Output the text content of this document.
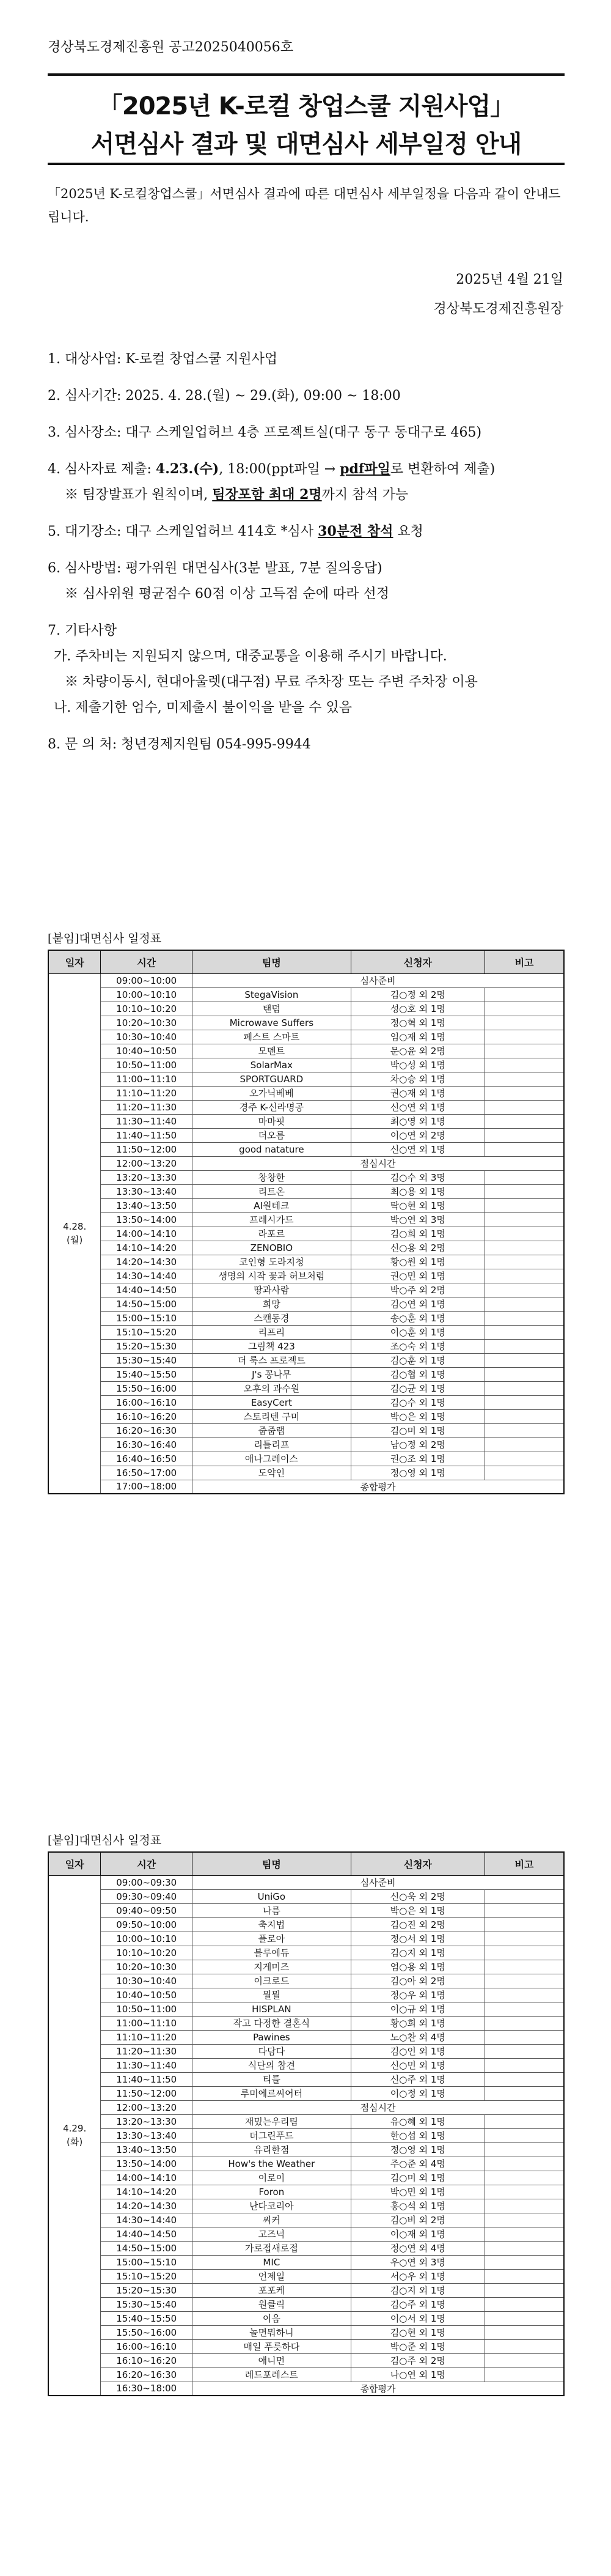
경상북도경제진흥원 공고2025040056호
「2025년 K-로컬 창업스쿨 지원사업」
서면심사 결과 및 대면심사 세부일정 안내
「2025년 K-로컬창업스쿨」서면심사 결과에 따른 대면심사 세부일정을 다음과 같이 안내드립니다.
2025년 4월 21일
경상북도경제진흥원장
1. 대상사업: K-로컬 창업스쿨 지원사업
2. 심사기간: 2025. 4. 28.(월) ~ 29.(화), 09:00 ~ 18:00
3. 심사장소: 대구 스케일업허브 4층 프로젝트실(대구 동구 동대구로 465)
4. 심사자료 제출: 4.23.(수), 18:00(ppt파일 → pdf파일로 변환하여 제출)
※ 팀장발표가 원칙이며, 팀장포함 최대 2명까지 참석 가능
5. 대기장소: 대구 스케일업허브 414호 *심사 30분전 참석 요청
6. 심사방법: 평가위원 대면심사(3분 발표, 7분 질의응답)
※ 심사위원 평균점수 60점 이상 고득점 순에 따라 선정
7. 기타사항
가. 주차비는 지원되지 않으며, 대중교통을 이용해 주시기 바랍니다.
※ 차량이동시, 현대아울렛(대구점) 무료 주차장 또는 주변 주차장 이용
나. 제출기한 엄수, 미제출시 불이익을 받을 수 있음
8. 문 의 처: 청년경제지원팀 054-995-9944
[붙임]대면심사 일정표
일자	시간	팀명	신청자	비고

4.28.
(월)	09:00~10:00	심사준비		
	10:00~10:10	StegaVision	김○정 외 2명	
	10:10~10:20	탠덤	성○호 외 1명	
	10:20~10:30	Microwave Suffers	정○혁 외 1명	
	10:30~10:40	페스트 스마트	임○재 외 1명	
	10:40~10:50	모멘트	문○윤 외 2명	
	10:50~11:00	SolarMax	박○성 외 1명	
	11:00~11:10	SPORTGUARD	차○승 외 1명	
	11:10~11:20	오가닉베베	권○재 외 1명	
	11:20~11:30	경주 K-신라명공	신○연 외 1명	
	11:30~11:40	마마핏	최○영 외 1명	
	11:40~11:50	더오름	이○연 외 2명	
	11:50~12:00	good natature	신○연 외 1명	
	12:00~13:20	점심시간		
	13:20~13:30	창창한	김○수 외 3명	
	13:30~13:40	리트온	최○용 외 1명	
	13:40~13:50	AI원테크	탁○현 외 1명	
	13:50~14:00	프레시가드	박○연 외 3명	
	14:00~14:10	라포르	김○희 외 1명	
	14:10~14:20	ZENOBIO	신○용 외 2명	
	14:20~14:30	코인형 도라지청	황○원 외 1명	
	14:30~14:40	생명의 시작 꽃과 허브처럼	권○민 외 1명	
	14:40~14:50	땅과사람	박○주 외 2명	
	14:50~15:00	희망	김○연 외 1명	
	15:00~15:10	스캔동경	송○훈 외 1명	
	15:10~15:20	리프리	이○훈 외 1명	
	15:20~15:30	그림책 423	조○숙 외 1명	
	15:30~15:40	더 룩스 프로젝트	김○훈 외 1명	
	15:40~15:50	J's 꽁나무	김○협 외 1명	
	15:50~16:00	오후의 과수원	김○균 외 1명	
	16:00~16:10	EasyCert	김○수 외 1명	
	16:10~16:20	스토리텐 구미	박○은 외 1명	
	16:20~16:30	줍줍랩	김○미 외 1명	
	16:30~16:40	리틀리프	남○정 외 2명	
	16:40~16:50	애나그레이스	권○조 외 1명	
	16:50~17:00	도약인	정○영 외 1명	
	17:00~18:00	종합평가		
[붙임]대면심사 일정표
일자	시간	팀명	신청자	비고

4.29.
(화)	09:00~09:30	심사준비		
	09:30~09:40	UniGo	신○욱 외 2명	
	09:40~09:50	나름	박○은 외 1명	
	09:50~10:00	축지법	김○진 외 2명	
	10:00~10:10	플로아	정○서 외 1명	
	10:10~10:20	블루에듀	김○지 외 1명	
	10:20~10:30	지게미즈	엄○용 외 1명	
	10:30~10:40	이크로드	김○아 외 2명	
	10:40~10:50	뭘뭘	정○우 외 1명	
	10:50~11:00	HISPLAN	이○규 외 1명	
	11:00~11:10	작고 다정한 결혼식	황○희 외 1명	
	11:10~11:20	Pawines	노○찬 외 4명	
	11:20~11:30	다담다	김○인 외 1명	
	11:30~11:40	식단의 참견	신○민 외 1명	
	11:40~11:50	티틀	신○주 외 1명	
	11:50~12:00	루미에르씨어터	이○정 외 1명	
	12:00~13:20	점심시간		
	13:20~13:30	재밌는우리팀	유○혜 외 1명	
	13:30~13:40	더그린푸드	한○섭 외 1명	
	13:40~13:50	유리한점	정○영 외 1명	
	13:50~14:00	How's the Weather	주○준 외 4명	
	14:00~14:10	이로이	김○미 외 1명	
	14:10~14:20	Foron	박○민 외 1명	
	14:20~14:30	난다코리아	홍○석 외 1명	
	14:30~14:40	씨커	김○비 외 2명	
	14:40~14:50	고즈넉	이○재 외 1명	
	14:50~15:00	가로접새로접	정○연 외 4명	
	15:00~15:10	MIC	우○연 외 3명	
	15:10~15:20	언제일	서○우 외 1명	
	15:20~15:30	포포케	김○지 외 1명	
	15:30~15:40	원클릭	김○주 외 1명	
	15:40~15:50	이음	이○서 외 1명	
	15:50~16:00	놀면뭐하니	김○현 외 1명	
	16:00~16:10	매일 푸릇하다	박○준 외 1명	
	16:10~16:20	애니먼	김○주 외 2명	
	16:20~16:30	레드포레스트	나○연 외 1명	
	16:30~18:00	종합평가		
